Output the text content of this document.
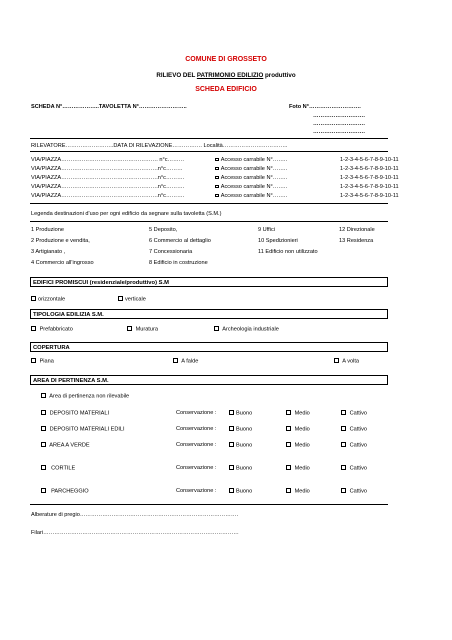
COMUNE DI GROSSETO
RILIEVO DEL PATRIMONIO EDILIZIO produttivo
SCHEDA EDIFICIO
SCHEDA N°………………..TAVOLETTA N°……………………..	Foto N°……………………….
……………………….
……………………….
……………………….
RILEVATORE……………………..DATA DI RILEVAZIONE……………. Località……………………………..
VIA/PIAZZA……………………………………………. n°c………	Accesso carrabile N°……..	1-2-3-4-5-6-7-8-9-10-11
VIA/PIAZZA…………………………………………….n°c………	Accesso carrabile N°……..	1-2-3-4-5-6-7-8-9-10-11
VIA/PIAZZA…………………………………………….n°c……….	Accesso carrabile N°……..	1-2-3-4-5-6-7-8-9-10-11
VIA/PIAZZA…………………………………………….n°c……….	Accesso carrabile N°……..	1-2-3-4-5-6-7-8-9-10-11
VIA/PIAZZA…………………………………………….n°c……….	Accesso carrabile N°……..	1-2-3-4-5-6-7-8-9-10-11
Legenda destinazioni d'uso per ogni edificio da segnare sulla tavoletta (S.M.)
1 Produzione	5 Deposito,	9 Uffici	12 Direzionale
2 Produzione e vendita,	6 Commercio al dettaglio	10 Spedizionieri	13 Residenza
3 Artigianato ,	7 Concessionaria	11 Edificio non utilizzato
4 Commercio all'ingrosso	8 Edificio in costruzione
EDIFICI PROMISCUI (residenziale/produttivo) S.M
orizzontale	verticale
TIPOLOGIA EDILIZIA S.M.
Prefabbricato	Muratura	Archeologia industriale
COPERTURA
Piana	A falde	A volta
AREA DI PERTINENZA S.M.
Area di pertinenza non rilevabile
DEPOSITO MATERIALI	Conservazione :	Buono	Medio	Cattivo
DEPOSITO MATERIALI EDILI	Conservazione :	Buono	Medio	Cattivo
AREA A VERDE	Conservazione :	Buono	Medio	Cattivo
CORTILE	Conservazione :	Buono	Medio	Cattivo
PARCHEGGIO	Conservazione :	Buono	Medio	Cattivo
Alberature di pregio………………………………………………………………………….
Filari……………………………………………………………………………………………
